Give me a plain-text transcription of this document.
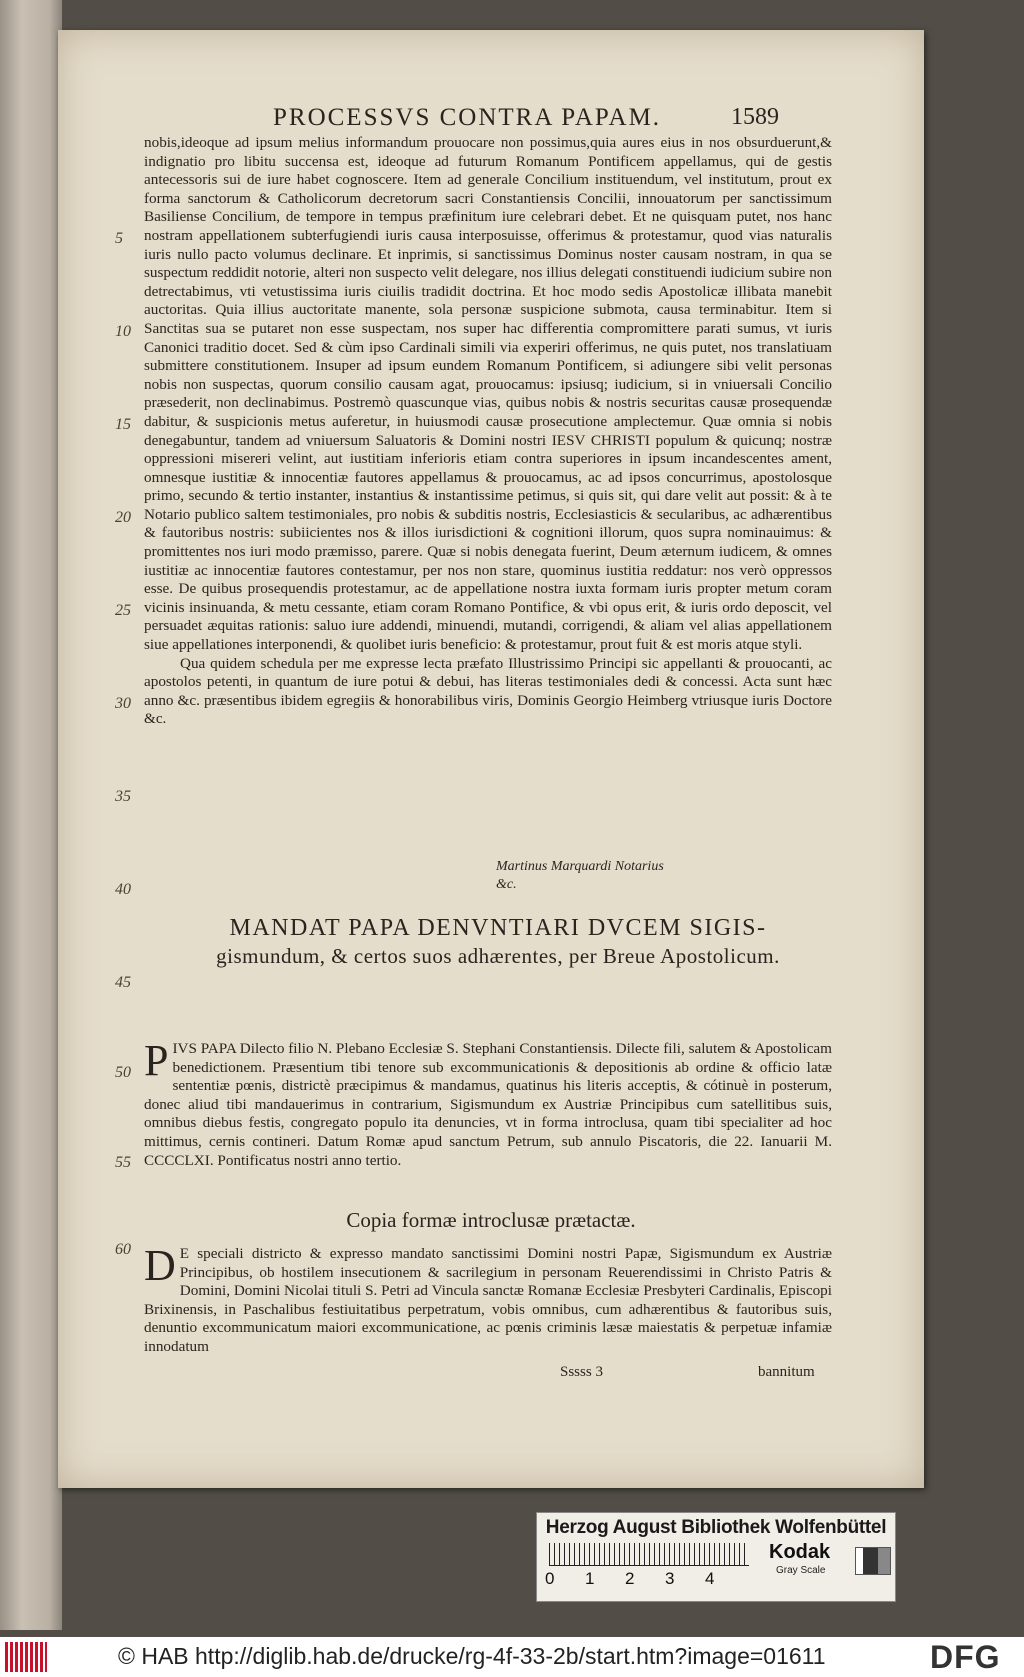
PROCESSVS CONTRA PAPAM.	1589
5
10
15
20
25
30
35
40
45
50
55
60

nobis,ideoque ad ipsum melius informandum prouocare non possimus,quia aures eius in nos obsurduerunt,& indignatio pro libitu succensa est, ideoque ad futurum Romanum Pontificem appellamus, qui de gestis antecessoris sui de iure habet cognoscere. Item ad generale Concilium instituendum, vel institutum, prout ex forma sanctorum & Catholicorum decretorum sacri Constantiensis Concilii, innouatorum per sanctissimum Basiliense Concilium, de tempore in tempus præfinitum iure celebrari debet. Et ne quisquam putet, nos hanc nostram appellationem subterfugiendi iuris causa interposuisse, offerimus & protestamur, quod vias naturalis iuris nullo pacto volumus declinare. Et inprimis, si sanctissimus Dominus noster causam nostram, in qua se suspectum reddidit notorie, alteri non suspecto velit delegare, nos illius delegati constituendi iudicium subire non detrectabimus, vti vetustissima iuris ciuilis tradidit doctrina. Et hoc modo sedis Apostolicæ illibata manebit auctoritas. Quia illius auctoritate manente, sola personæ suspicione submota, causa terminabitur. Item si Sanctitas sua se putaret non esse suspectam, nos super hac differentia compromittere parati sumus, vt iuris Canonici traditio docet. Sed & cùm ipso Cardinali simili via experiri offerimus, ne quis putet, nos translatiuam submittere constitutionem. Insuper ad ipsum eundem Romanum Pontificem, si adiungere sibi velit personas nobis non suspectas, quorum consilio causam agat, prouocamus: ipsiusq; iudicium, si in vniuersali Concilio præsederit, non declinabimus. Postremò quascunque vias, quibus nobis & nostris securitas causæ prosequendæ dabitur, & suspicionis metus auferetur, in huiusmodi causæ prosecutione amplectemur. Quæ omnia si nobis denegabuntur, tandem ad vniuersum Saluatoris & Domini nostri IESV CHRISTI populum & quicunq; nostræ oppressioni misereri velint, aut iustitiam inferioris etiam contra superiores in ipsum incandescentes ament, omnesque iustitiæ & innocentiæ fautores appellamus & prouocamus, ac ad ipsos concurrimus, apostolosque primo, secundo & tertio instanter, instantius & instantissime petimus, si quis sit, qui dare velit aut possit: & à te Notario publico saltem testimoniales, pro nobis & subditis nostris, Ecclesiasticis & secularibus, ac adhærentibus & fautoribus nostris: subiicientes nos & illos iurisdictioni & cognitioni illorum, quos supra nominauimus: & promittentes nos iuri modo præmisso, parere. Quæ si nobis denegata fuerint, Deum æternum iudicem, & omnes iustitiæ ac innocentiæ fautores contestamur, per nos non stare, quominus iustitia reddatur: nos verò oppressos esse. De quibus prosequendis protestamur, ac de appellatione nostra iuxta formam iuris propter metum coram vicinis insinuanda, & metu cessante, etiam coram Romano Pontifice, & vbi opus erit, & iuris ordo deposcit, vel persuadet æquitas rationis: saluo iure addendi, minuendi, mutandi, corrigendi, & aliam vel alias appellationem siue appellationes interponendi, & quolibet iuris beneficio: & protestamur, prout fuit & est moris atque styli.

Qua quidem schedula per me expresse lecta præfato Illustrissimo Principi sic appellanti & prouocanti, ac apostolos petenti, in quantum de iure potui & debui, has literas testimoniales dedi & concessi. Acta sunt hæc anno &c. præsentibus ibidem egregiis & honorabilibus viris, Dominis Georgio Heimberg vtriusque iuris Doctore &c.

Martinus Marquardi Notarius &c.
MANDAT PAPA DENVNTIARI DVCEM SIGIS-
gismundum, & certos suos adhærentes, per Breue Apostolicum.
P IVS PAPA Dilecto filio N. Plebano Ecclesiæ S. Stephani Constantiensis. Dilecte fili, salutem & Apostolicam benedictionem. Præsentium tibi tenore sub excommunicationis & depositionis ab ordine & officio latæ sententiæ pœnis, districtè præcipimus & mandamus, quatinus his literis acceptis, & cótinuè in posterum, donec aliud tibi mandauerimus in contrarium, Sigismundum ex Austriæ Principibus cum satellitibus suis, omnibus diebus festis, congregato populo ita denuncies, vt in forma introclusa, quam tibi specialiter ad hoc mittimus, cernis contineri. Datum Romæ apud sanctum Petrum, sub annulo Piscatoris, die 22. Ianuarii M. CCCCLXI. Pontificatus nostri anno tertio.
Copia formæ introclusæ prætactæ.
D E speciali districto & expresso mandato sanctissimi Domini nostri Papæ, Sigismundum ex Austriæ Principibus, ob hostilem insecutionem & sacrilegium in personam Reuerendissimi in Christo Patris & Domini, Domini Nicolai tituli S. Petri ad Vincula sanctæ Romanæ Ecclesiæ Presbyteri Cardinalis, Episcopi Brixinensis, in Paschalibus festiuitatibus perpetratum, vobis omnibus, cum adhærentibus & fautoribus suis, denuntio excommunicatum maiori excommunicatione, ac pœnis criminis læsæ maiestatis & perpetuæ infamiæ innodatum
Sssss 3	bannitum
Herzog August Bibliothek Wolfenbüttel
0 1 2 3 4
Kodak
Gray Scale
© HAB http://diglib.hab.de/drucke/rg-4f-33-2b/start.htm?image=01611	DFG
